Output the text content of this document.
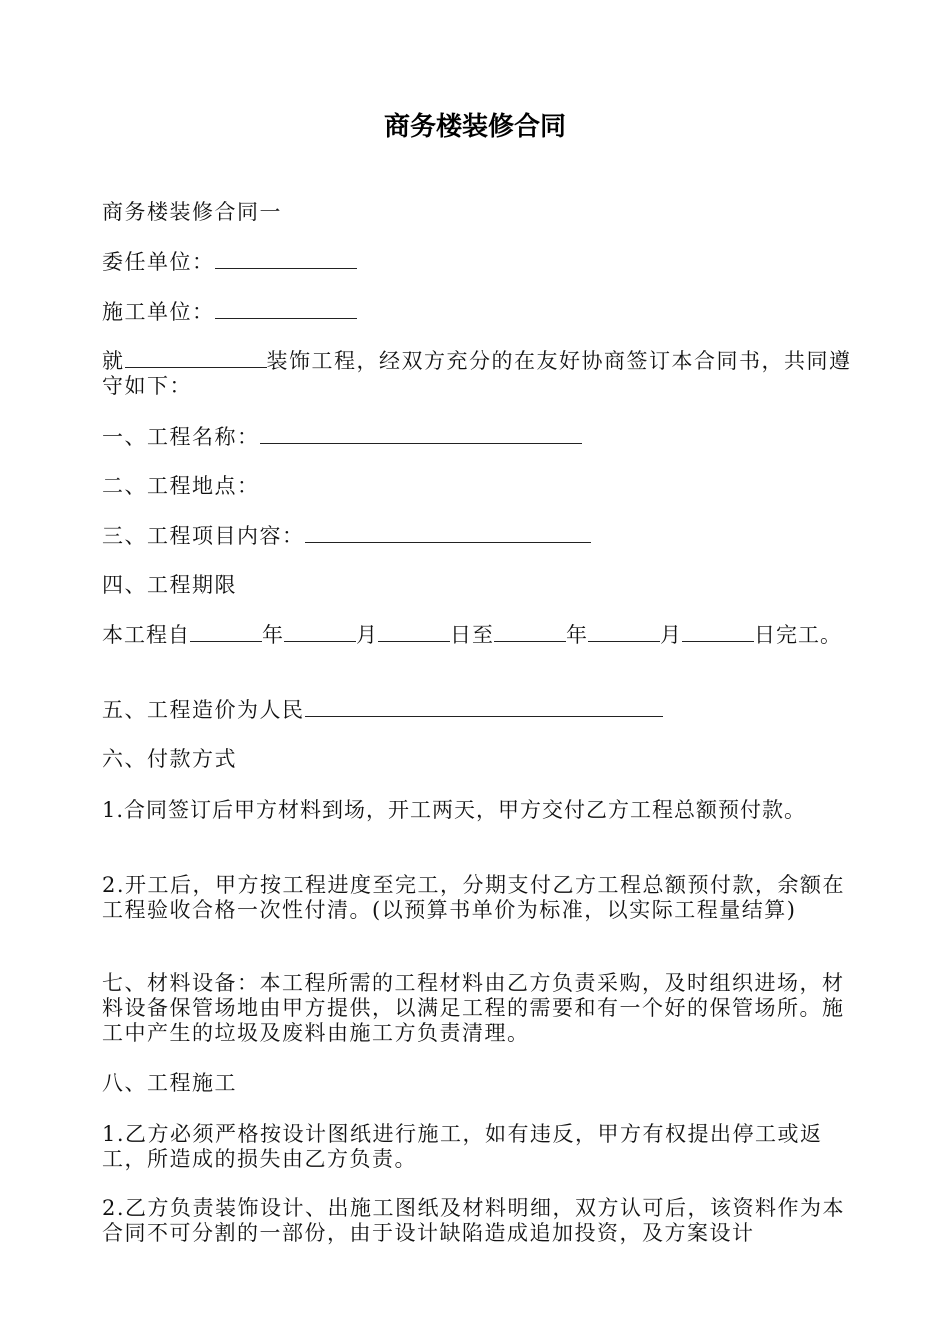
商务楼装修合同
商务楼装修合同一
委任单位：
施工单位：
就	装饰工程，经双方充分的在友好协商签订本合同书，共同遵守如下：
一、工程名称：
二、工程地点：
三、工程项目内容：
四、工程期限
本工程自	年	月	日至	年	月	日完工。
五、工程造价为人民
六、付款方式
1.合同签订后甲方材料到场，开工两天，甲方交付乙方工程总额预付款。
2.开工后，甲方按工程进度至完工，分期支付乙方工程总额预付款，余额在工程验收合格一次性付清。(以预算书单价为标准，以实际工程量结算)
七、材料设备：本工程所需的工程材料由乙方负责采购，及时组织进场，材料设备保管场地由甲方提供，以满足工程的需要和有一个好的保管场所。施工中产生的垃圾及废料由施工方负责清理。
八、工程施工
1.乙方必须严格按设计图纸进行施工，如有违反，甲方有权提出停工或返工，所造成的损失由乙方负责。
2.乙方负责装饰设计、出施工图纸及材料明细，双方认可后，该资料作为本合同不可分割的一部份，由于设计缺陷造成追加投资，及方案设计
